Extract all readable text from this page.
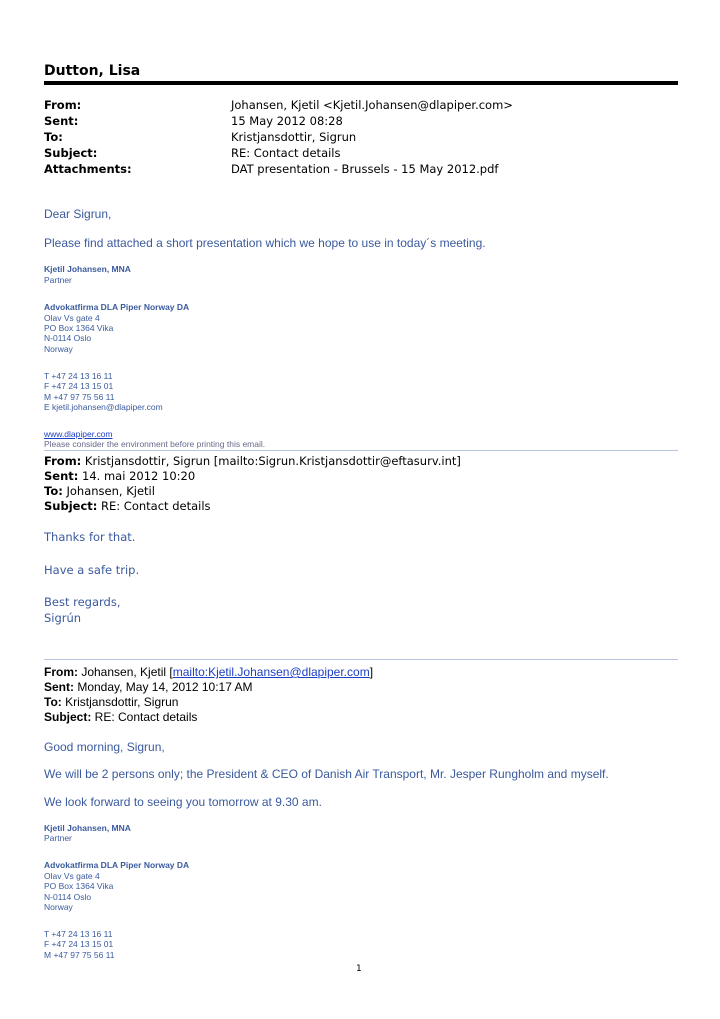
Dutton, Lisa
From:	Johansen, Kjetil <Kjetil.Johansen@dlapiper.com>
Sent:	15 May 2012 08:28
To:	Kristjansdottir, Sigrun
Subject:	RE: Contact details
Attachments:	DAT presentation - Brussels - 15 May 2012.pdf
Dear Sigrun,
Please find attached a short presentation which we hope to use in today´s meeting.
Kjetil Johansen, MNA
Partner
Advokatfirma DLA Piper Norway DA
Olav Vs gate 4
PO Box 1364 Vika
N-0114 Oslo
Norway
T +47 24 13 16 11
F +47 24 13 15 01
M +47 97 75 56 11
E kjetil.johansen@dlapiper.com
www.dlapiper.com
Please consider the environment before printing this email.
From: Kristjansdottir, Sigrun [mailto:Sigrun.Kristjansdottir@eftasurv.int]
Sent: 14. mai 2012 10:20
To: Johansen, Kjetil
Subject: RE: Contact details
Thanks for that.
Have a safe trip.
Best regards,
Sigrún
From: Johansen, Kjetil [mailto:Kjetil.Johansen@dlapiper.com]
Sent: Monday, May 14, 2012 10:17 AM
To: Kristjansdottir, Sigrun
Subject: RE: Contact details
Good morning, Sigrun,
We will be 2 persons only; the President & CEO of Danish Air Transport, Mr. Jesper Rungholm and myself.
We look forward to seeing you tomorrow at 9.30 am.
Kjetil Johansen, MNA
Partner
Advokatfirma DLA Piper Norway DA
Olav Vs gate 4
PO Box 1364 Vika
N-0114 Oslo
Norway
T +47 24 13 16 11
F +47 24 13 15 01
M +47 97 75 56 11
1
